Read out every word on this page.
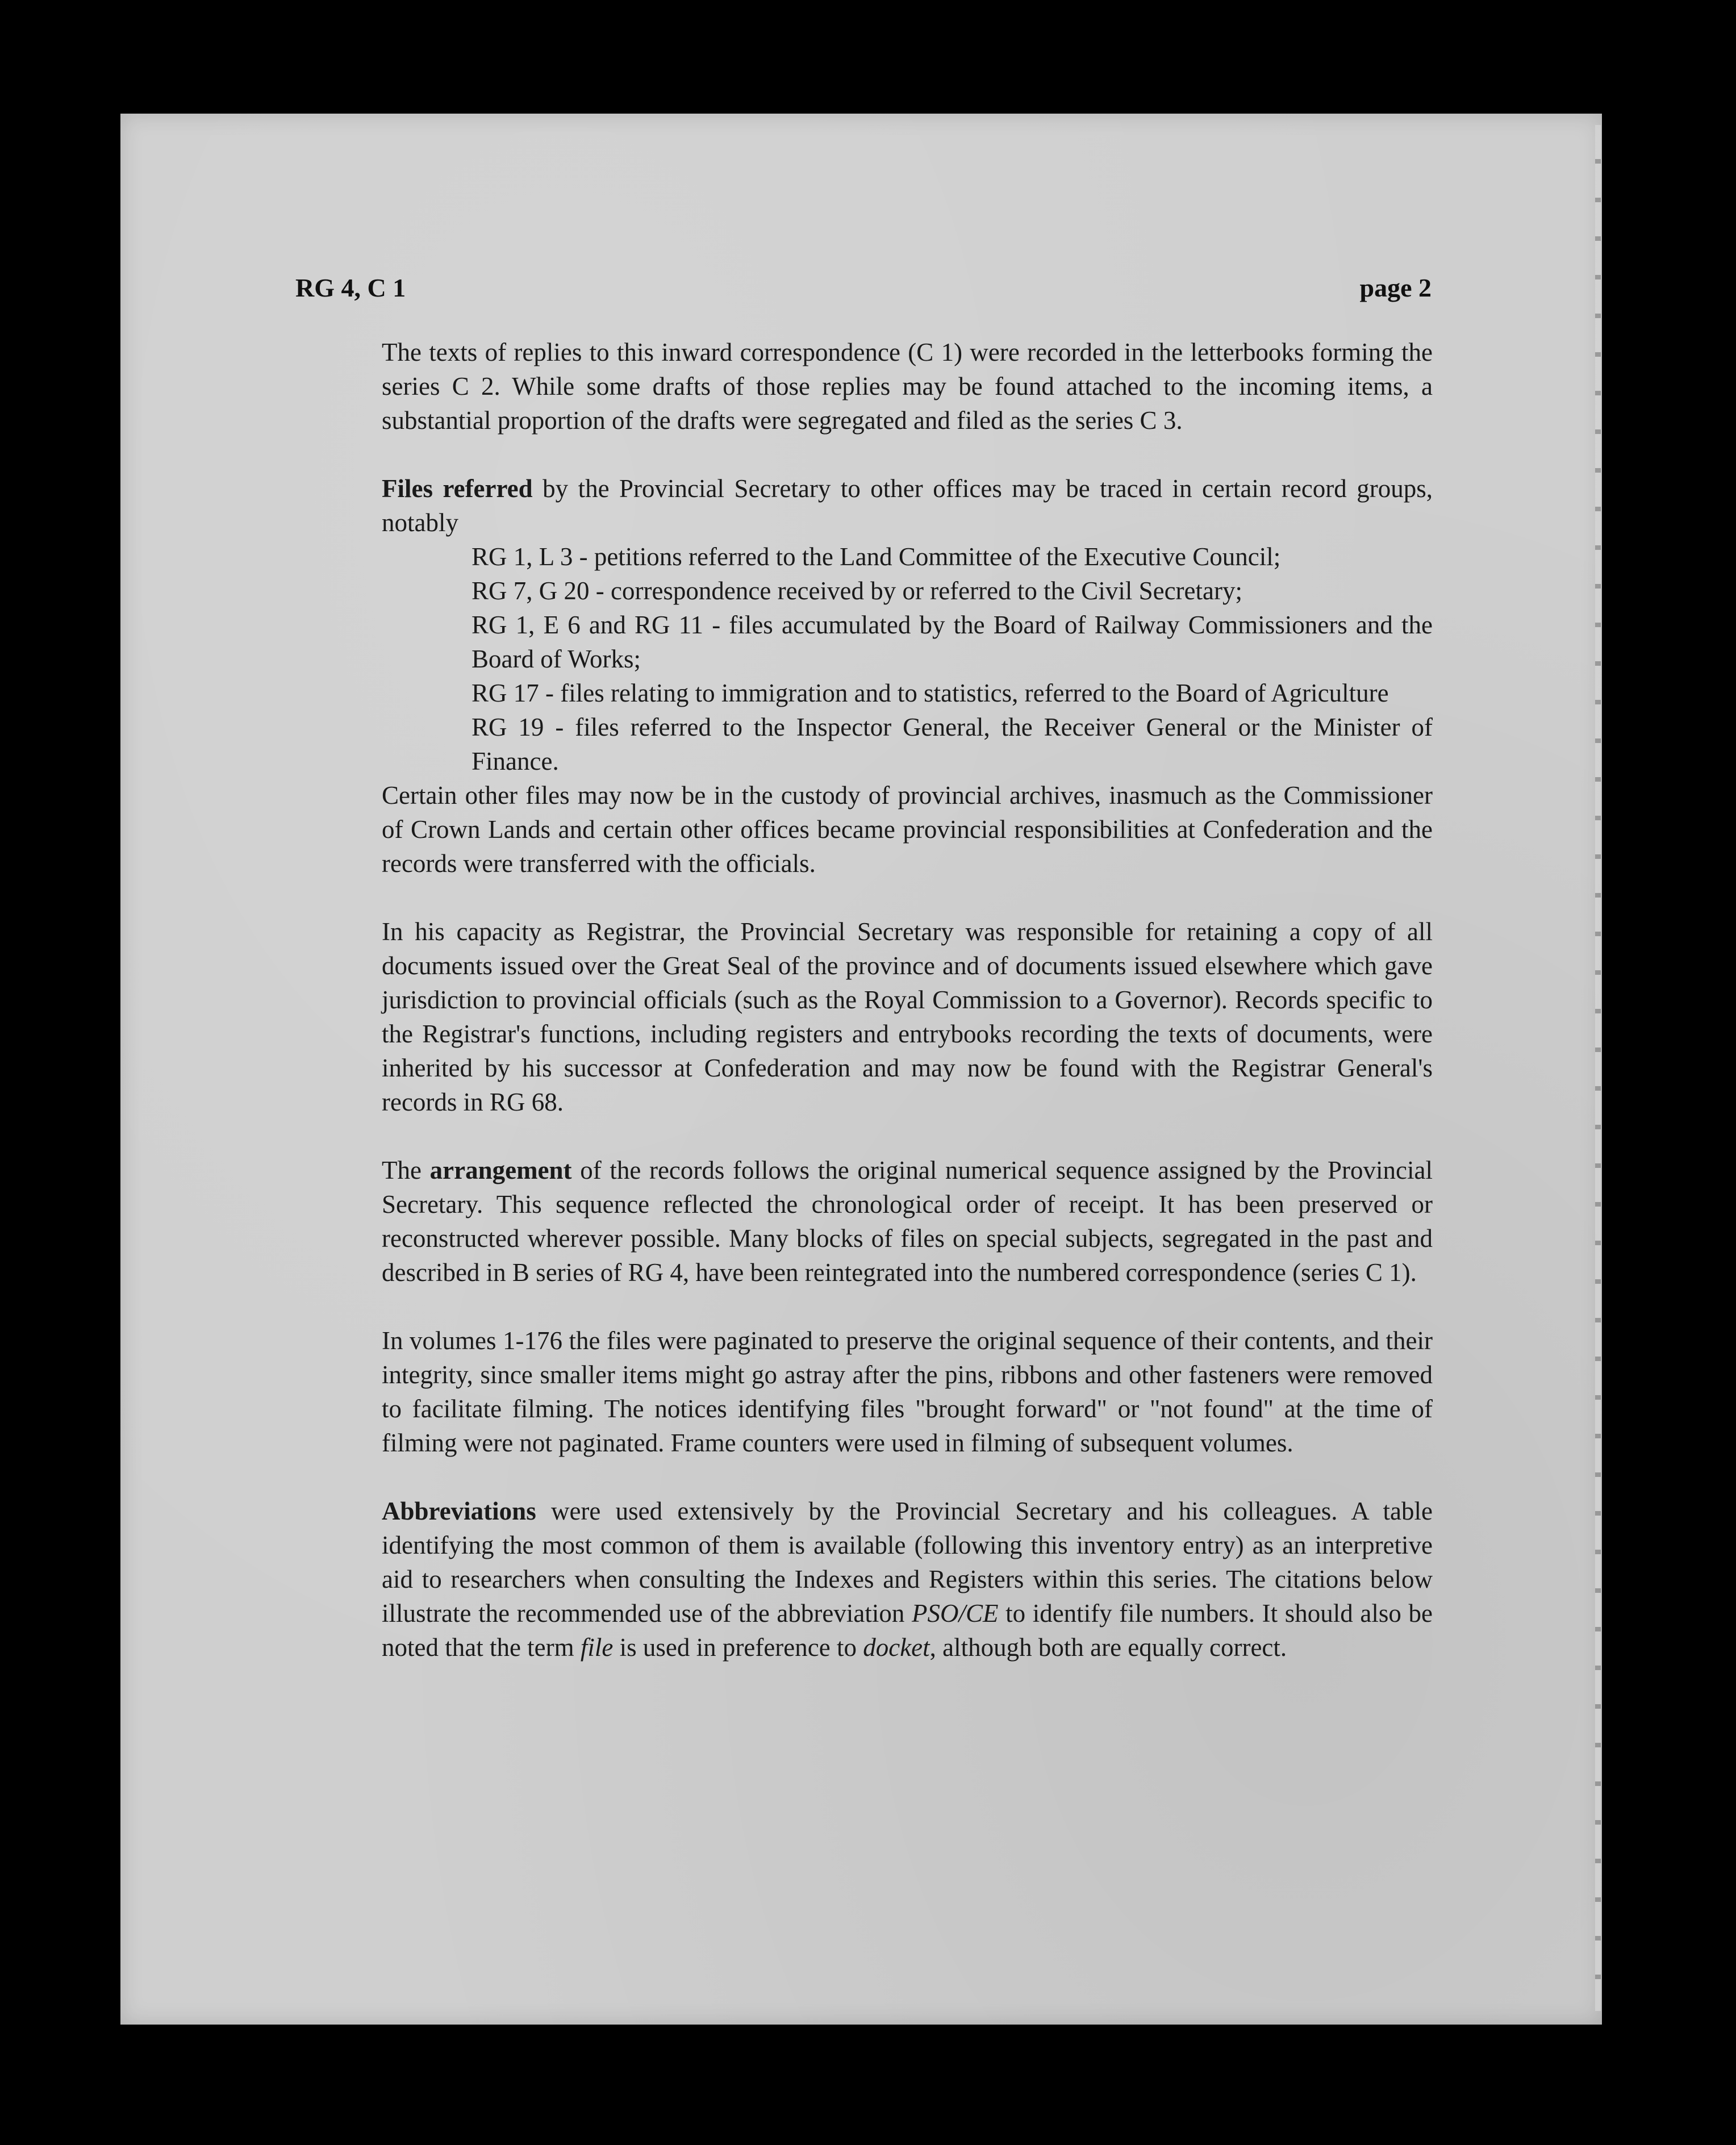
RG 4, C 1	page 2

The texts of replies to this inward correspondence (C 1) were recorded in the letterbooks forming the series C 2. While some drafts of those replies may be found attached to the incoming items, a substantial proportion of the drafts were segregated and filed as the series C 3.

Files referred by the Provincial Secretary to other offices may be traced in certain record groups, notably

RG 1, L 3 - petitions referred to the Land Committee of the Executive Council;
RG 7, G 20 - correspondence received by or referred to the Civil Secretary;
RG 1, E 6 and RG 11 - files accumulated by the Board of Railway Commissioners and the Board of Works;
RG 17 - files relating to immigration and to statistics, referred to the Board of Agriculture
RG 19 - files referred to the Inspector General, the Receiver General or the Minister of Finance.

Certain other files may now be in the custody of provincial archives, inasmuch as the Commissioner of Crown Lands and certain other offices became provincial responsibilities at Confederation and the records were transferred with the officials.

In his capacity as Registrar, the Provincial Secretary was responsible for retaining a copy of all documents issued over the Great Seal of the province and of documents issued elsewhere which gave jurisdiction to provincial officials (such as the Royal Commission to a Governor). Records specific to the Registrar's functions, including registers and entrybooks recording the texts of documents, were inherited by his successor at Confederation and may now be found with the Registrar General's records in RG 68.

The arrangement of the records follows the original numerical sequence assigned by the Provincial Secretary. This sequence reflected the chronological order of receipt. It has been preserved or reconstructed wherever possible. Many blocks of files on special subjects, segregated in the past and described in B series of RG 4, have been reintegrated into the numbered correspondence (series C 1).

In volumes 1-176 the files were paginated to preserve the original sequence of their contents, and their integrity, since smaller items might go astray after the pins, ribbons and other fasteners were removed to facilitate filming. The notices identifying files "brought forward" or "not found" at the time of filming were not paginated. Frame counters were used in filming of subsequent volumes.

Abbreviations were used extensively by the Provincial Secretary and his colleagues. A table identifying the most common of them is available (following this inventory entry) as an interpretive aid to researchers when consulting the Indexes and Registers within this series. The citations below illustrate the recommended use of the abbreviation PSO/CE to identify file numbers. It should also be noted that the term file is used in preference to docket, although both are equally correct.
